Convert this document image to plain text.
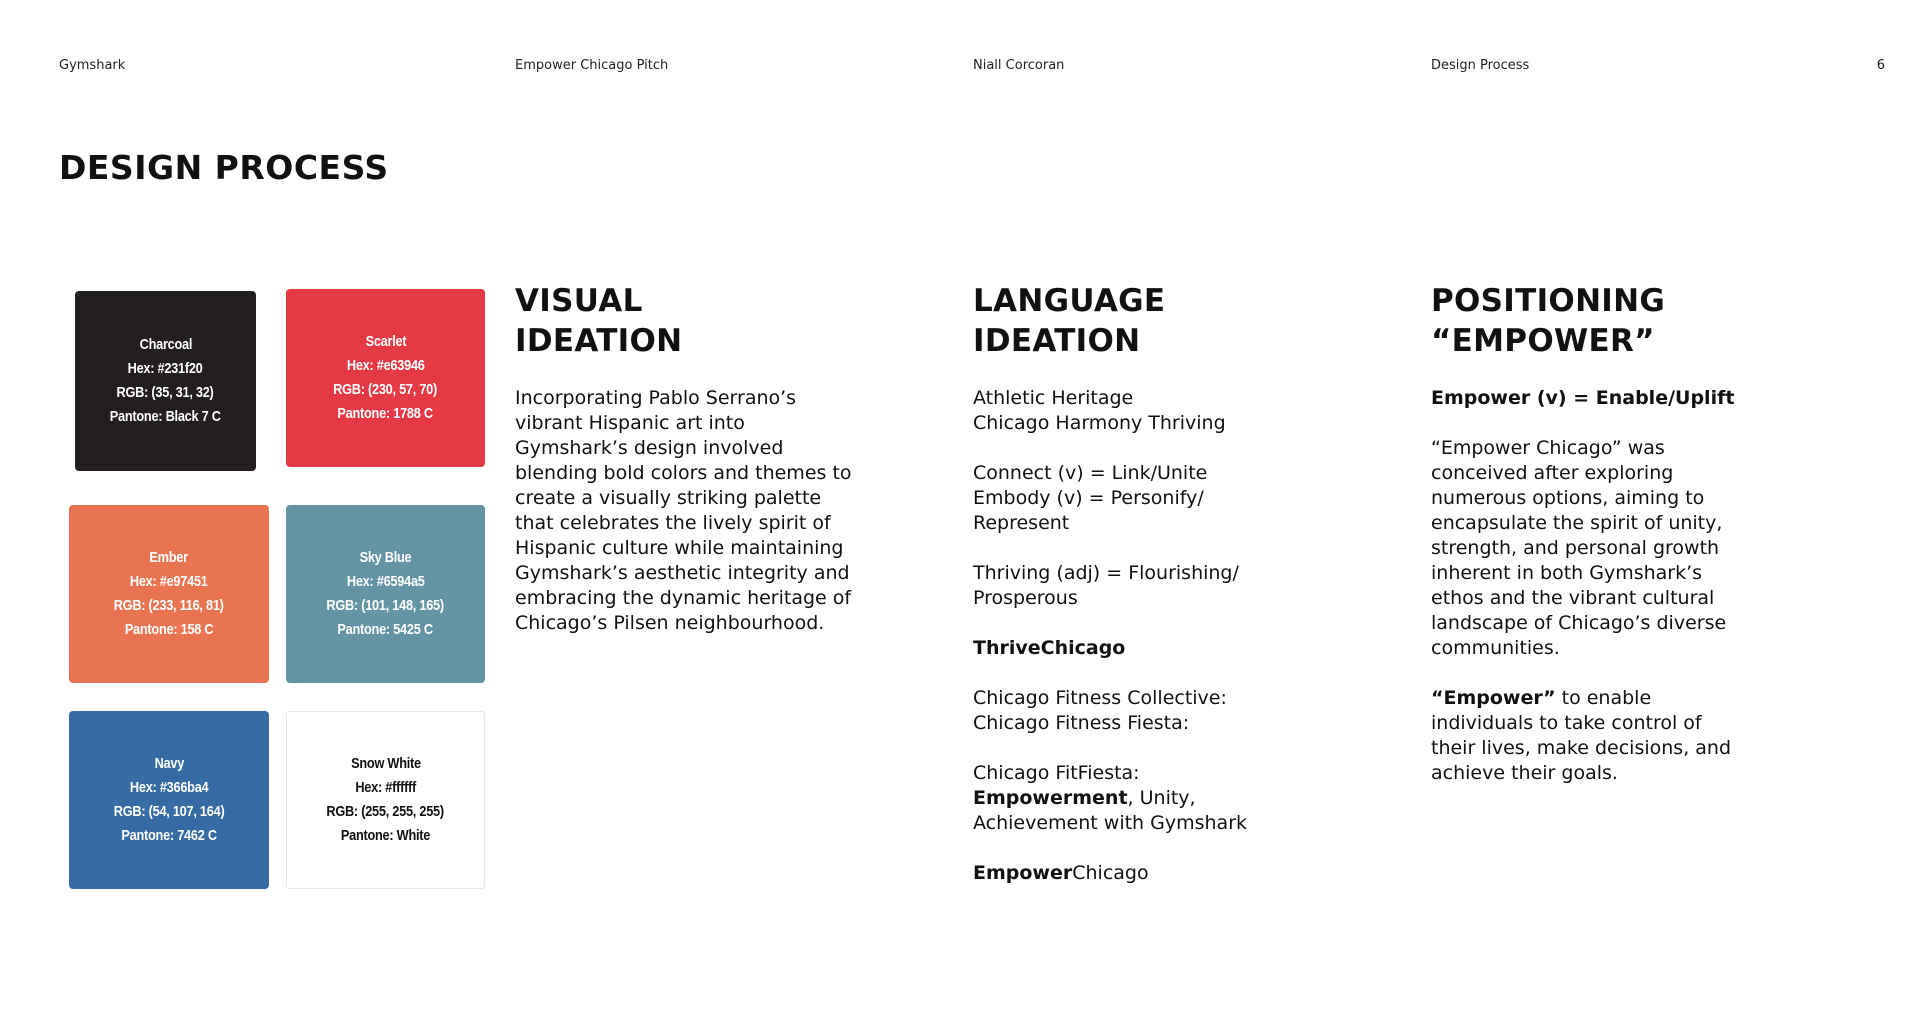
Gymshark	Empower Chicago Pitch	Niall Corcoran	Design Process	6
DESIGN PROCESS
Charcoal
Hex: #231f20
RGB: (35, 31, 32)
Pantone: Black 7 C
Scarlet
Hex: #e63946
RGB: (230, 57, 70)
Pantone: 1788 C
Ember
Hex: #e97451
RGB: (233, 116, 81)
Pantone: 158 C
Sky Blue
Hex: #6594a5
RGB: (101, 148, 165)
Pantone: 5425 C
Navy
Hex: #366ba4
RGB: (54, 107, 164)
Pantone: 7462 C
Snow White
Hex: #ffffff
RGB: (255, 255, 255)
Pantone: White
VISUAL
IDEATION

Incorporating Pablo Serrano’s vibrant Hispanic art into Gymshark’s design involved blending bold colors and themes to create a visually striking palette that celebrates the lively spirit of Hispanic culture while maintaining Gymshark’s aesthetic integrity and embracing the dynamic heritage of Chicago’s Pilsen neighbourhood.

LANGUAGE
IDEATION

Athletic Heritage
Chicago Harmony Thriving

Connect (v) = Link/Unite
Embody (v) = Personify/ Represent

Thriving (adj) = Flourishing/ Prosperous

ThriveChicago

Chicago Fitness Collective:
Chicago Fitness Fiesta:

Chicago FitFiesta:
Empowerment, Unity, Achievement with Gymshark

EmpowerChicago

POSITIONING
“EMPOWER”

Empower (v) = Enable/Uplift

“Empower Chicago” was conceived after exploring numerous options, aiming to encapsulate the spirit of unity, strength, and personal growth inherent in both Gymshark’s ethos and the vibrant cultural landscape of Chicago’s diverse communities.

“Empower” to enable individuals to take control of their lives, make decisions, and achieve their goals.
